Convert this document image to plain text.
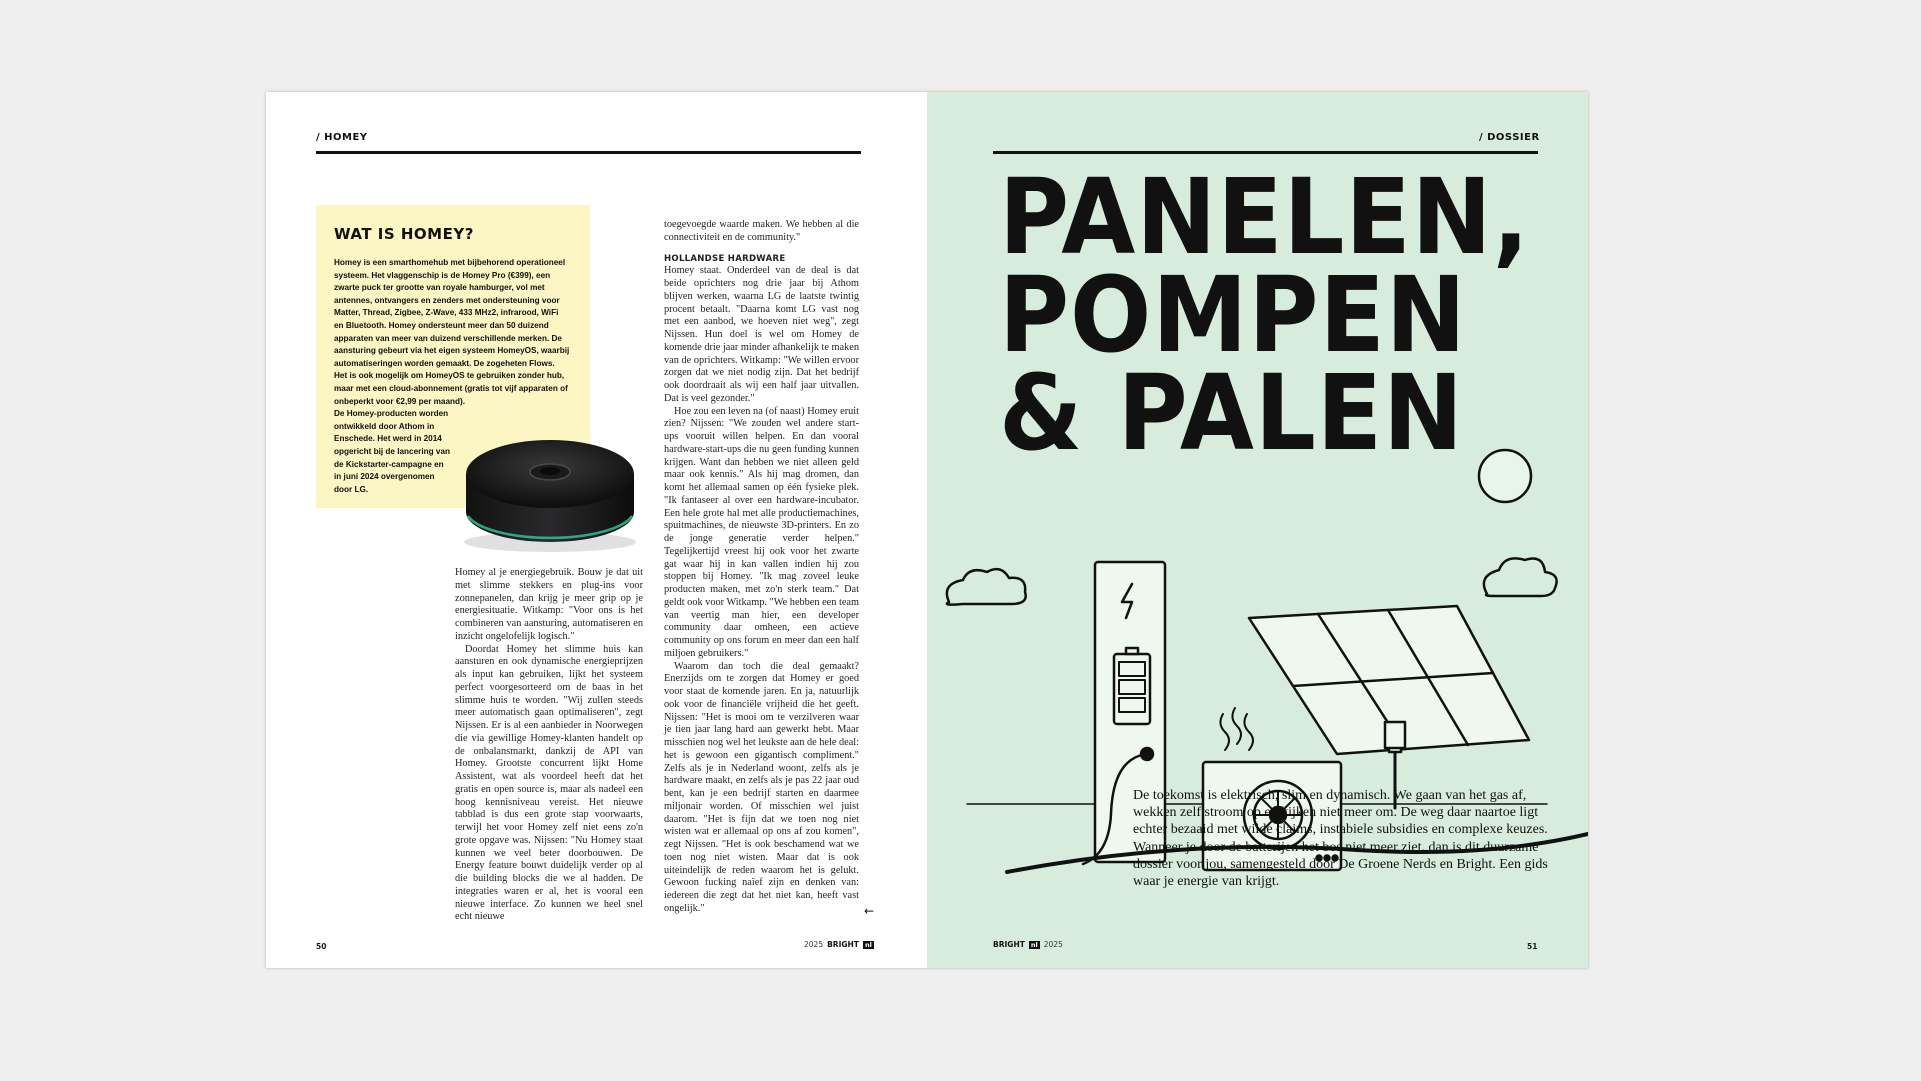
/ HOMEY
WAT IS HOMEY?

Homey is een smarthomehub met bijbehorend operationeel systeem. Het vlaggenschip is de Homey Pro (€399), een zwarte puck ter grootte van royale hamburger, vol met antennes, ontvangers en zenders met ondersteuning voor Matter, Thread, Zigbee, Z-Wave, 433 MHz2, infrarood, WiFi en Bluetooth. Homey ondersteunt meer dan 50 duizend apparaten van meer van duizend verschillende merken. De aansturing gebeurt via het eigen systeem HomeyOS, waarbij automatiseringen worden gemaakt. De zogeheten Flows. Het is ook mogelijk om HomeyOS te gebruiken zonder hub, maar met een cloud-abonnement (gratis tot vijf apparaten of onbeperkt voor €2,99 per maand).

De Homey-producten worden ontwikkeld door Athom in Enschede. Het werd in 2014 opgericht bij de lancering van de Kickstarter-campagne en in juni 2024 overgenomen door LG.

Homey al je energiegebruik. Bouw je dat uit met slimme stekkers en plug-ins voor zonnepanelen, dan krijg je meer grip op je energiesituatie. Witkamp: "Voor ons is het combineren van aansturing, automatiseren en inzicht ongelofelijk logisch."

Doordat Homey het slimme huis kan aansturen en ook dynamische energieprijzen als input kan gebruiken, lijkt het systeem perfect voorgesorteerd om de baas in het slimme huis te worden. "Wij zullen steeds meer automatisch gaan optimaliseren", zegt Nijssen. Er is al een aanbieder in Noorwegen die via gewillige Homey-klanten handelt op de onbalansmarkt, dankzij de API van Homey. Grootste concurrent lijkt Home Assistent, wat als voordeel heeft dat het gratis en open source is, maar als nadeel een hoog kennisniveau vereist. Het nieuwe tabblad is dus een grote stap voorwaarts, terwijl het voor Homey zelf niet eens zo'n grote opgave was. Nijssen: "Nu Homey staat kunnen we veel beter doorbouwen. De Energy feature bouwt duidelijk verder op al die building blocks die we al hadden. De integraties waren er al, het is vooral een nieuwe interface. Zo kunnen we heel snel echt nieuwe

toegevoegde waarde maken. We hebben al die connectiviteit en de community."

HOLLANDSE HARDWARE

Homey staat. Onderdeel van de deal is dat beide oprichters nog drie jaar bij Athom blijven werken, waarna LG de laatste twintig procent betaalt. "Daarna komt LG vast nog met een aanbod, we hoeven niet weg", zegt Nijssen. Hun doel is wel om Homey de komende drie jaar minder afhankelijk te maken van de oprichters. Witkamp: "We willen ervoor zorgen dat we niet nodig zijn. Dat het bedrijf ook doordraait als wij een half jaar uitvallen. Dat is veel gezonder."

Hoe zou een leven na (of naast) Homey eruit zien? Nijssen: "We zouden wel andere start-ups vooruit willen helpen. En dan vooral hardware-start-ups die nu geen funding kunnen krijgen. Want dan hebben we niet alleen geld maar ook kennis." Als hij mag dromen, dan komt het allemaal samen op één fysieke plek. "Ik fantaseer al over een hardware-incubator. Een hele grote hal met alle productiemachines, spuitmachines, de nieuwste 3D-printers. En zo de jonge generatie verder helpen." Tegelijkertijd vreest hij ook voor het zwarte gat waar hij in kan vallen indien hij zou stoppen bij Homey. "Ik mag zoveel leuke producten maken, met zo'n sterk team." Dat geldt ook voor Witkamp. "We hebben een team van veertig man hier, een developer community daar omheen, een actieve community op ons forum en meer dan een half miljoen gebruikers."

Waarom dan toch die deal gemaakt? Enerzijds om te zorgen dat Homey er goed voor staat de komende jaren. En ja, natuurlijk ook voor de financiële vrijheid die het geeft. Nijssen: "Het is mooi om te verzilveren waar je tien jaar lang hard aan gewerkt hebt. Maar misschien nog wel het leukste aan de hele deal: het is gewoon een gigantisch compliment." Zelfs als je in Nederland woont, zelfs als je hardware maakt, en zelfs als je pas 22 jaar oud bent, kan je een bedrijf starten en daarmee miljonair worden. Of misschien wel juist daarom. "Het is fijn dat we toen nog niet wisten wat er allemaal op ons af zou komen", zegt Nijssen. "Het is ook beschamend wat we toen nog niet wisten. Maar dat is ook uiteindelijk de reden waarom het is gelukt. Gewoon fucking naïef zijn en denken van: iedereen die zegt dat het niet kan, heeft vast ongelijk."	←
50	2025 BRIGHT nl
/ DOSSIER
PANELEN,
POMPEN
& PALEN

De toekomst is elektrisch, slim en dynamisch. We gaan van het gas af, wekken zelf stroom op en kijken niet meer om. De weg daar naartoe ligt echter bezaaid met wilde claims, instabiele subsidies en complexe keuzes. Wanneer je door de batterijen het bos niet meer ziet, dan is dit duurzame dossier voor jou, samengesteld door De Groene Nerds en Bright. Een gids waar je energie van krijgt.

BRIGHT nl 2025	51
